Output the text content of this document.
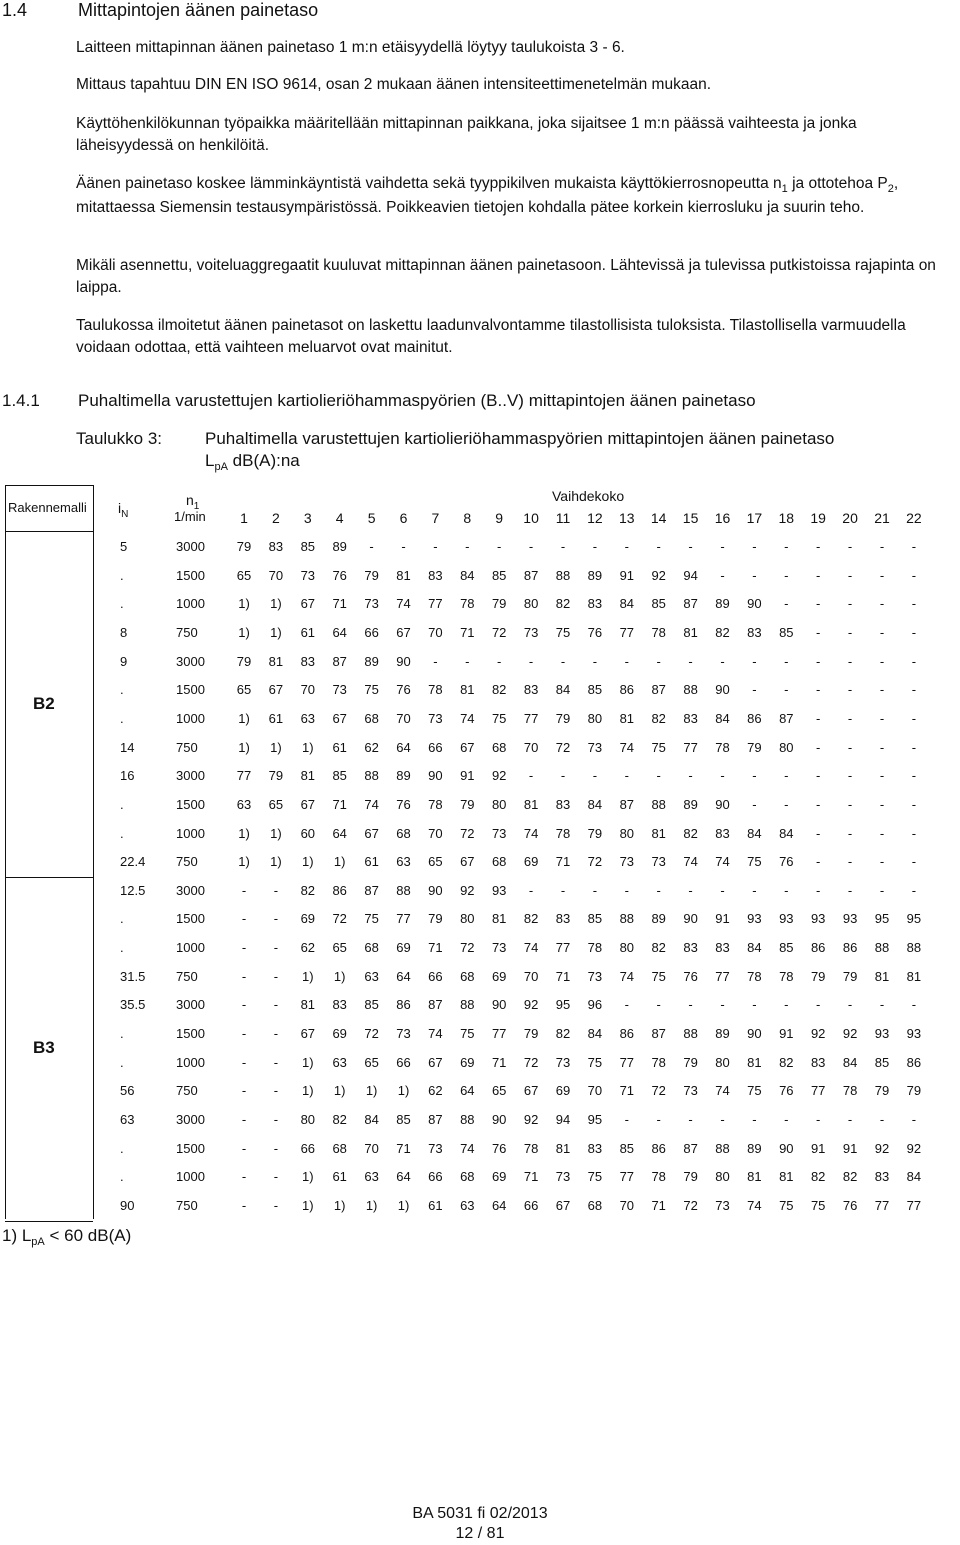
1.4	Mittapintojen äänen painetaso
Laitteen mittapinnan äänen painetaso 1 m:n etäisyydellä löytyy taulukoista 3 - 6.
Mittaus tapahtuu DIN EN ISO 9614, osan 2 mukaan äänen intensiteettimenetelmän mukaan.
Käyttöhenkilökunnan työpaikka määritellään mittapinnan paikkana, joka sijaitsee 1 m:n päässä vaihteesta ja jonka läheisyydessä on henkilöitä.
Äänen painetaso koskee lämminkäyntistä vaihdetta sekä tyyppikilven mukaista käyttökierrosnopeutta $n_1$ ja ottotehoa $P_2$, mitattaessa Siemensin testausympäristössä. Poikkeavien tietojen kohdalla pätee korkein kierrosluku ja suurin teho.
Mikäli asennettu, voiteluaggregaatit kuuluvat mittapinnan äänen painetasoon. Lähtevissä ja tulevissa putkistoissa rajapinta on laippa.
Taulukossa ilmoitetut äänen painetasot on laskettu laadunvalvontamme tilastollisista tuloksista. Tilastollisella varmuudella voidaan odottaa, että vaihteen meluarvot ovat mainitut.
1.4.1 Puhaltimella varustettujen kartiolieriöhammaspyörien (B..V) mittapintojen äänen painetaso
Taulukko 3:	Puhaltimella varustettujen kartiolieriöhammaspyörien mittapintojen äänen painetaso
$L_{pA}$ dB(A):na
Rakennemalli $i_N$
$n_1$
1/min
Vaihdekoko
1	2	3	4	5	6	7	8	9	10	11	12	13	14	15	16	17	18	19	20	21	22
5	3000	79	83	85	89	-	-	-	-	-	-	-	-	-	-	-	-	-	-	-	-	-	-
.	1500	65	70	73	76	79	81	83	84	85	87	88	89	91	92	94	-	-	-	-	-	-	-
.	1000	1)	1)	67	71	73	74	77	78	79	80	82	83	84	85	87	89	90	-	-	-	-	-
8	750	1)	1)	61	64	66	67	70	71	72	73	75	76	77	78	81	82	83	85	-	-	-	-
9	3000	79	81	83	87	89	90	-	-	-	-	-	-	-	-	-	-	-	-	-	-	-	-
.	1500	65	67	70	73	75	76	78	81	82	83	84	85	86	87	88	90	-	-	-	-	-	-
.	1000	1)	61	63	67	68	70	73	74	75	77	79	80	81	82	83	84	86	87	-	-	-	-
14	750	1)	1)	1)	61	62	64	66	67	68	70	72	73	74	75	77	78	79	80	-	-	-	-
16	3000	77	79	81	85	88	89	90	91	92	-	-	-	-	-	-	-	-	-	-	-	-	-
.	1500	63	65	67	71	74	76	78	79	80	81	83	84	87	88	89	90	-	-	-	-	-	-
.	1000	1)	1)	60	64	67	68	70	72	73	74	78	79	80	81	82	83	84	84	-	-	-	-
22.4 750	1)	1)	1)	1)	61	63	65	67	68	69	71	72	73	73	74	74	75	76	-	-	-	-
B2
12.5 3000	-	-	82	86	87	88	90	92	93	-	-	-	-	-	-	-	-	-	-	-	-	-
.	1500	-	-	69	72	75	77	79	80	81	82	83	85	88	89	90	91	93	93	93	93	95	95
.	1000	-	-	62	65	68	69	71	72	73	74	77	78	80	82	83	83	84	85	86	86	88	88
31.5 750	-	-	1)	1)	63	64	66	68	69	70	71	73	74	75	76	77	78	78	79	79	81	81
35.5 3000	-	-	81	83	85	86	87	88	90	92	95	96	-	-	-	-	-	-	-	-	-	-
.	1500	-	-	67	69	72	73	74	75	77	79	82	84	86	87	88	89	90	91	92	92	93	93
.	1000	-	-	1)	63	65	66	67	69	71	72	73	75	77	78	79	80	81	82	83	84	85	86
56	750	-	-	1)	1)	1)	1)	62	64	65	67	69	70	71	72	73	74	75	76	77	78	79	79
63	3000	-	-	80	82	84	85	87	88	90	92	94	95	-	-	-	-	-	-	-	-	-	-
.	1500	-	-	66	68	70	71	73	74	76	78	81	83	85	86	87	88	89	90	91	91	92	92
.	1000	-	-	1)	61	63	64	66	68	69	71	73	75	77	78	79	80	81	81	82	82	83	84
90	750	-	-	1)	1)	1)	1)	61	63	64	66	67	68	70	71	72	73	74	75	75	76	77	77
B3
1) $L_{pA} < 60$ dB(A)
BA 5031 fi 02/2013
12 / 81
